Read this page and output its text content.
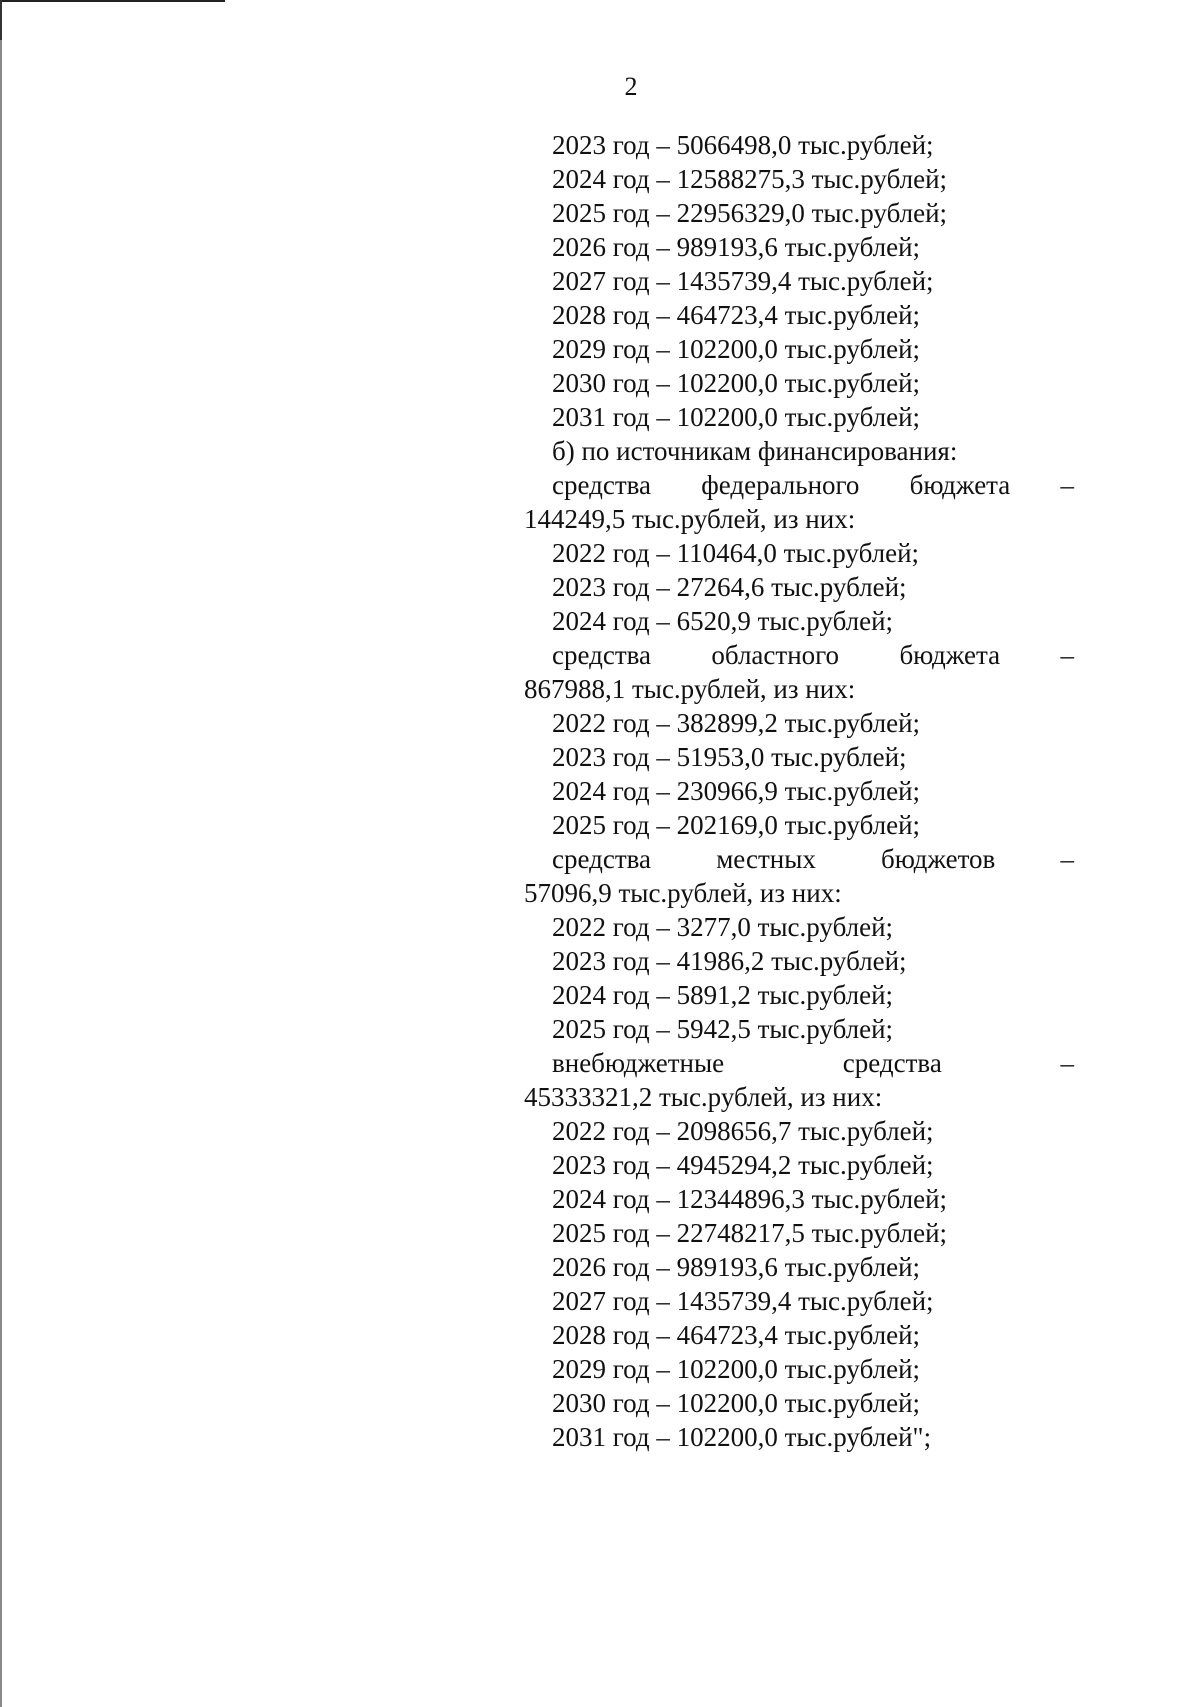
2
2023 год – 5066498,0 тыс.рублей;
2024 год – 12588275,3 тыс.рублей;
2025 год – 22956329,0 тыс.рублей;
2026 год – 989193,6 тыс.рублей;
2027 год – 1435739,4 тыс.рублей;
2028 год – 464723,4 тыс.рублей;
2029 год – 102200,0 тыс.рублей;
2030 год – 102200,0 тыс.рублей;
2031 год – 102200,0 тыс.рублей;
б) по источникам финансирования:
средства федерального бюджета –
144249,5 тыс.рублей, из них:
2022 год – 110464,0 тыс.рублей;
2023 год – 27264,6 тыс.рублей;
2024 год – 6520,9 тыс.рублей;
средства областного бюджета –
867988,1 тыс.рублей, из них:
2022 год – 382899,2 тыс.рублей;
2023 год – 51953,0 тыс.рублей;
2024 год – 230966,9 тыс.рублей;
2025 год – 202169,0 тыс.рублей;
средства местных бюджетов –
57096,9 тыс.рублей, из них:
2022 год – 3277,0 тыс.рублей;
2023 год – 41986,2 тыс.рублей;
2024 год – 5891,2 тыс.рублей;
2025 год – 5942,5 тыс.рублей;
внебюджетные	средства	–
45333321,2 тыс.рублей, из них:
2022 год – 2098656,7 тыс.рублей;
2023 год – 4945294,2 тыс.рублей;
2024 год – 12344896,3 тыс.рублей;
2025 год – 22748217,5 тыс.рублей;
2026 год – 989193,6 тыс.рублей;
2027 год – 1435739,4 тыс.рублей;
2028 год – 464723,4 тыс.рублей;
2029 год – 102200,0 тыс.рублей;
2030 год – 102200,0 тыс.рублей;
2031 год – 102200,0 тыс.рублей";
